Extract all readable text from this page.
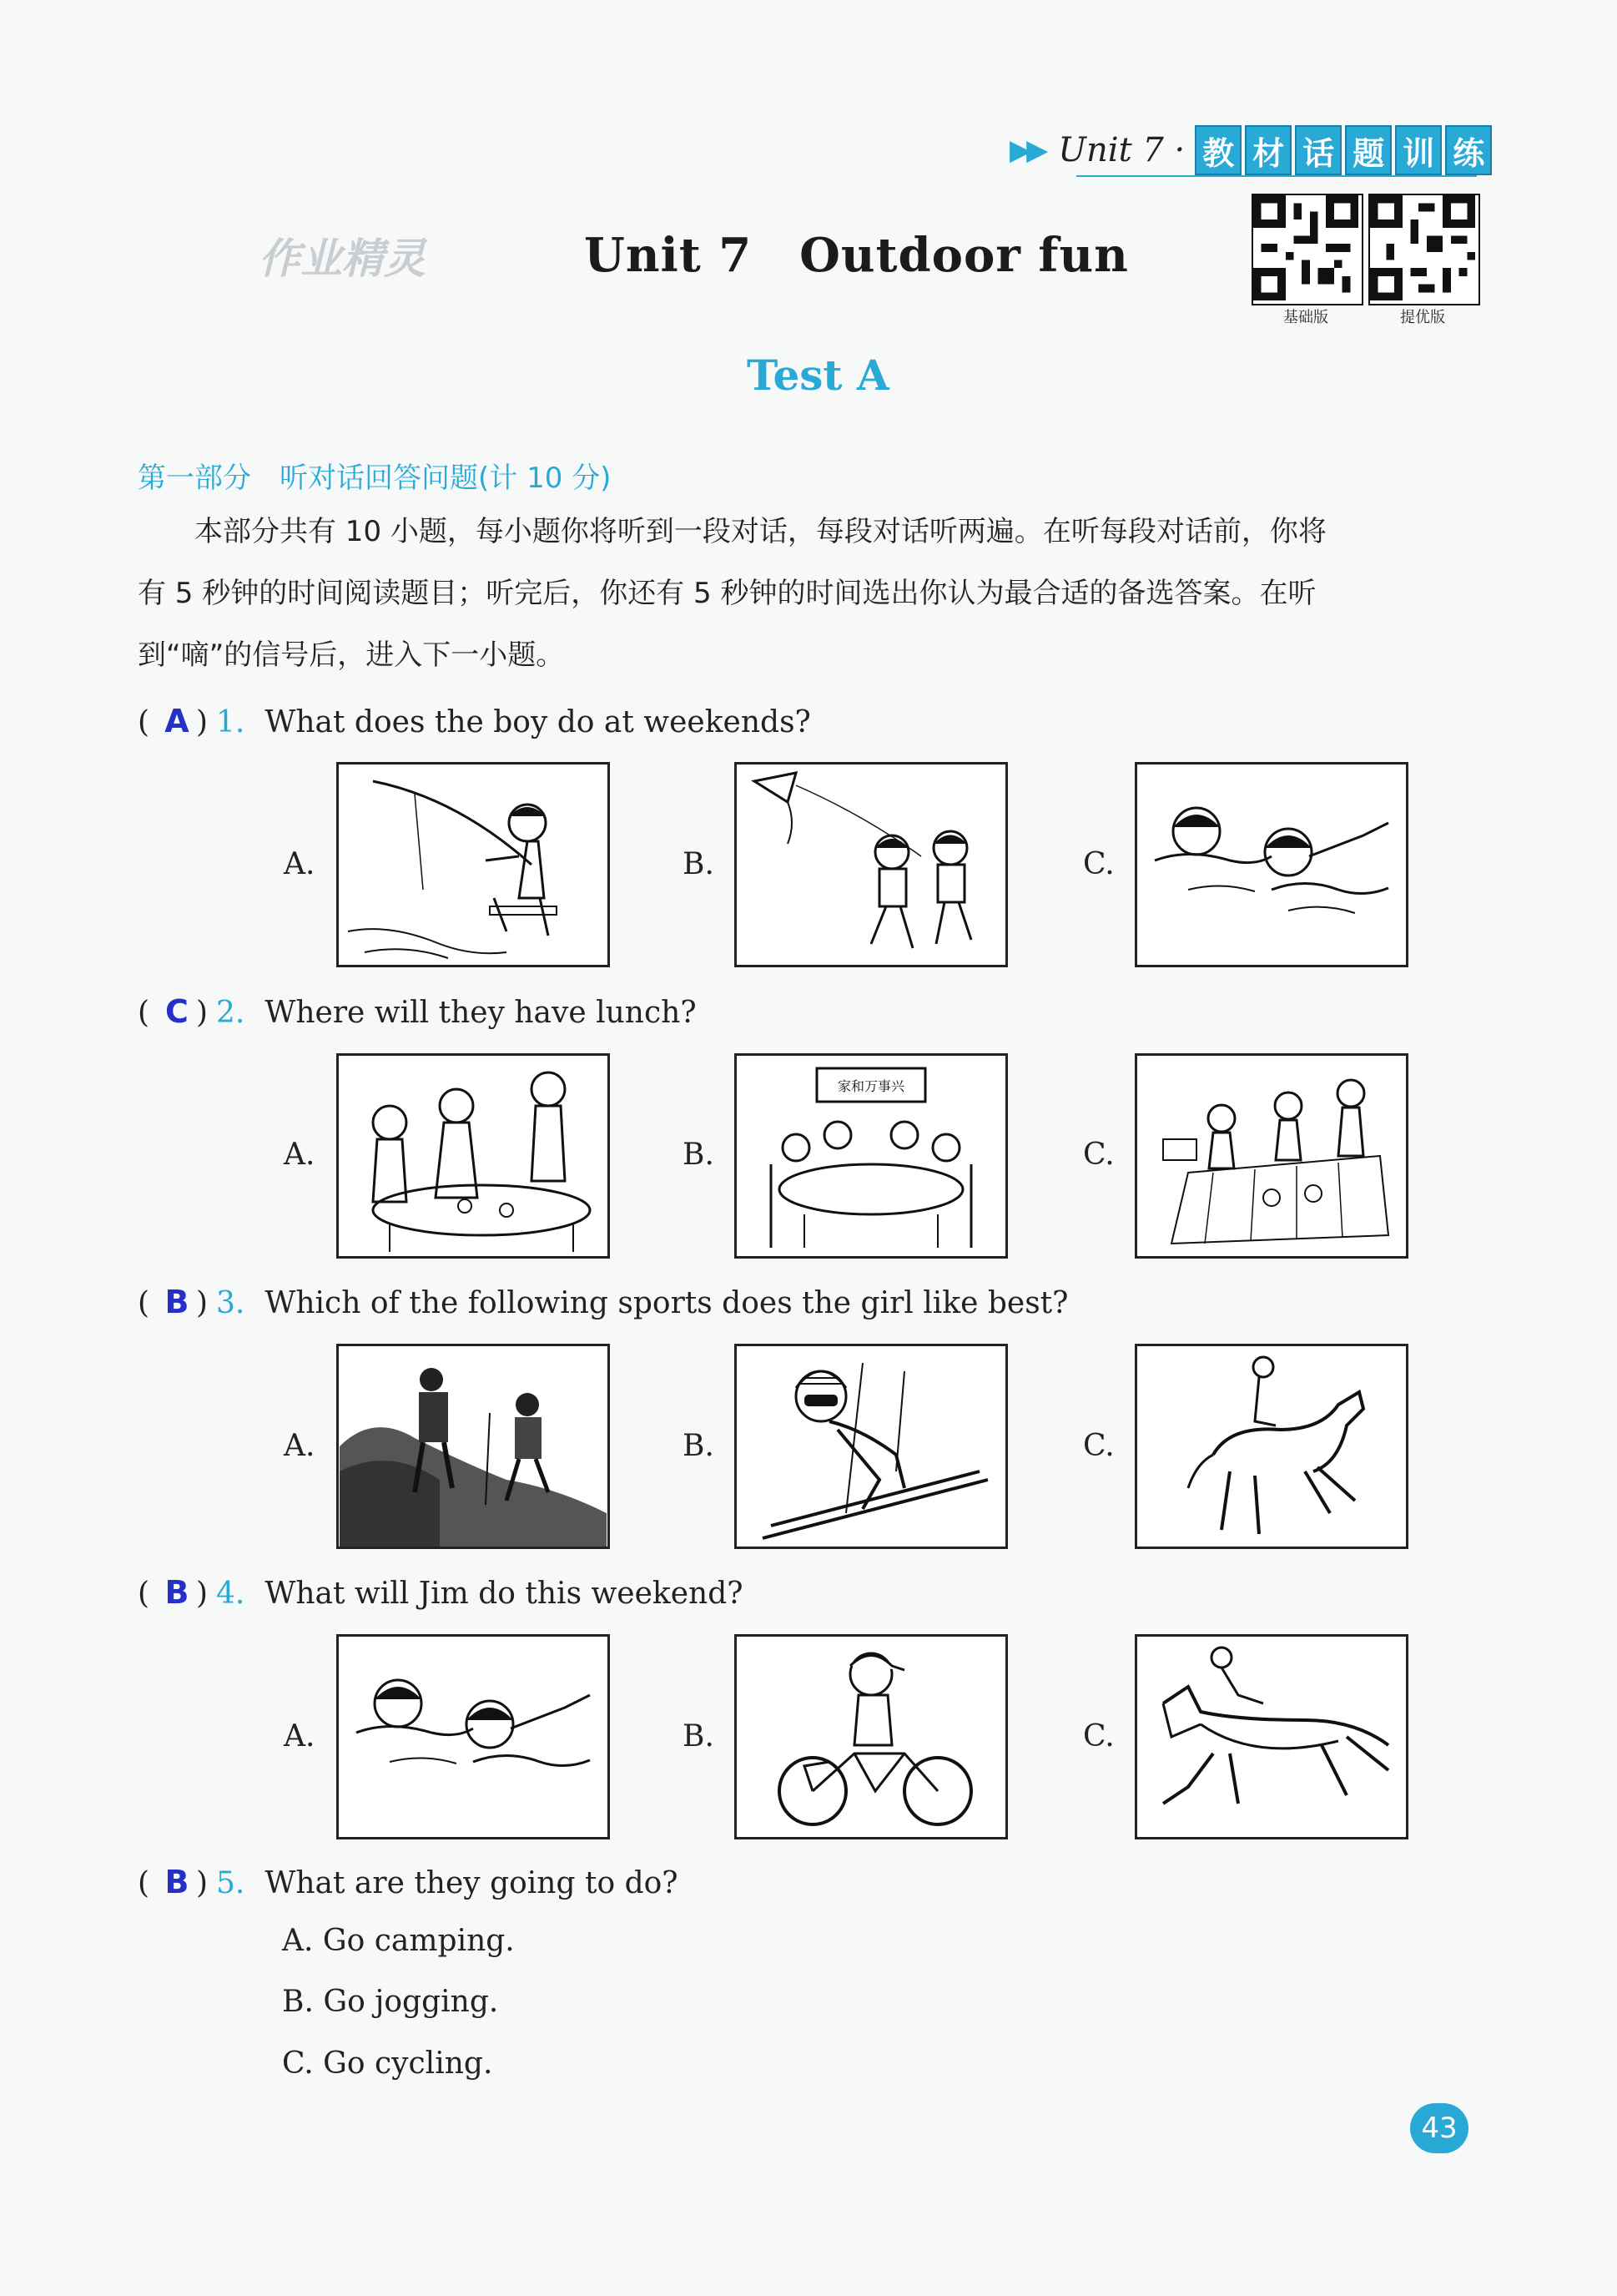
▶▶ Unit 7 · 教 材 话 题 训 练
基础版	提优版
作业精灵	Unit 7　Outdoor fun
Test A
第一部分　听对话回答问题(计 10 分)
　　本部分共有 10 小题，每小题你将听到一段对话，每段对话听两遍。在听每段对话前，你将
有 5 秒钟的时间阅读题目；听完后，你还有 5 秒钟的时间选出你认为最合适的备选答案。在听
到“嘀”的信号后，进入下一小题。
( A ) 1. What does the boy do at weekends?
A.	B.	C.
( C ) 2. Where will they have lunch?
A.	B.
家和万事兴
C.
( B ) 3. Which of the following sports does the girl like best?
A.	B.	C.
( B ) 4. What will Jim do this weekend?
A.	B.	C.
( B ) 5. What are they going to do?
A. Go camping.
B. Go jogging.
C. Go cycling.
43
